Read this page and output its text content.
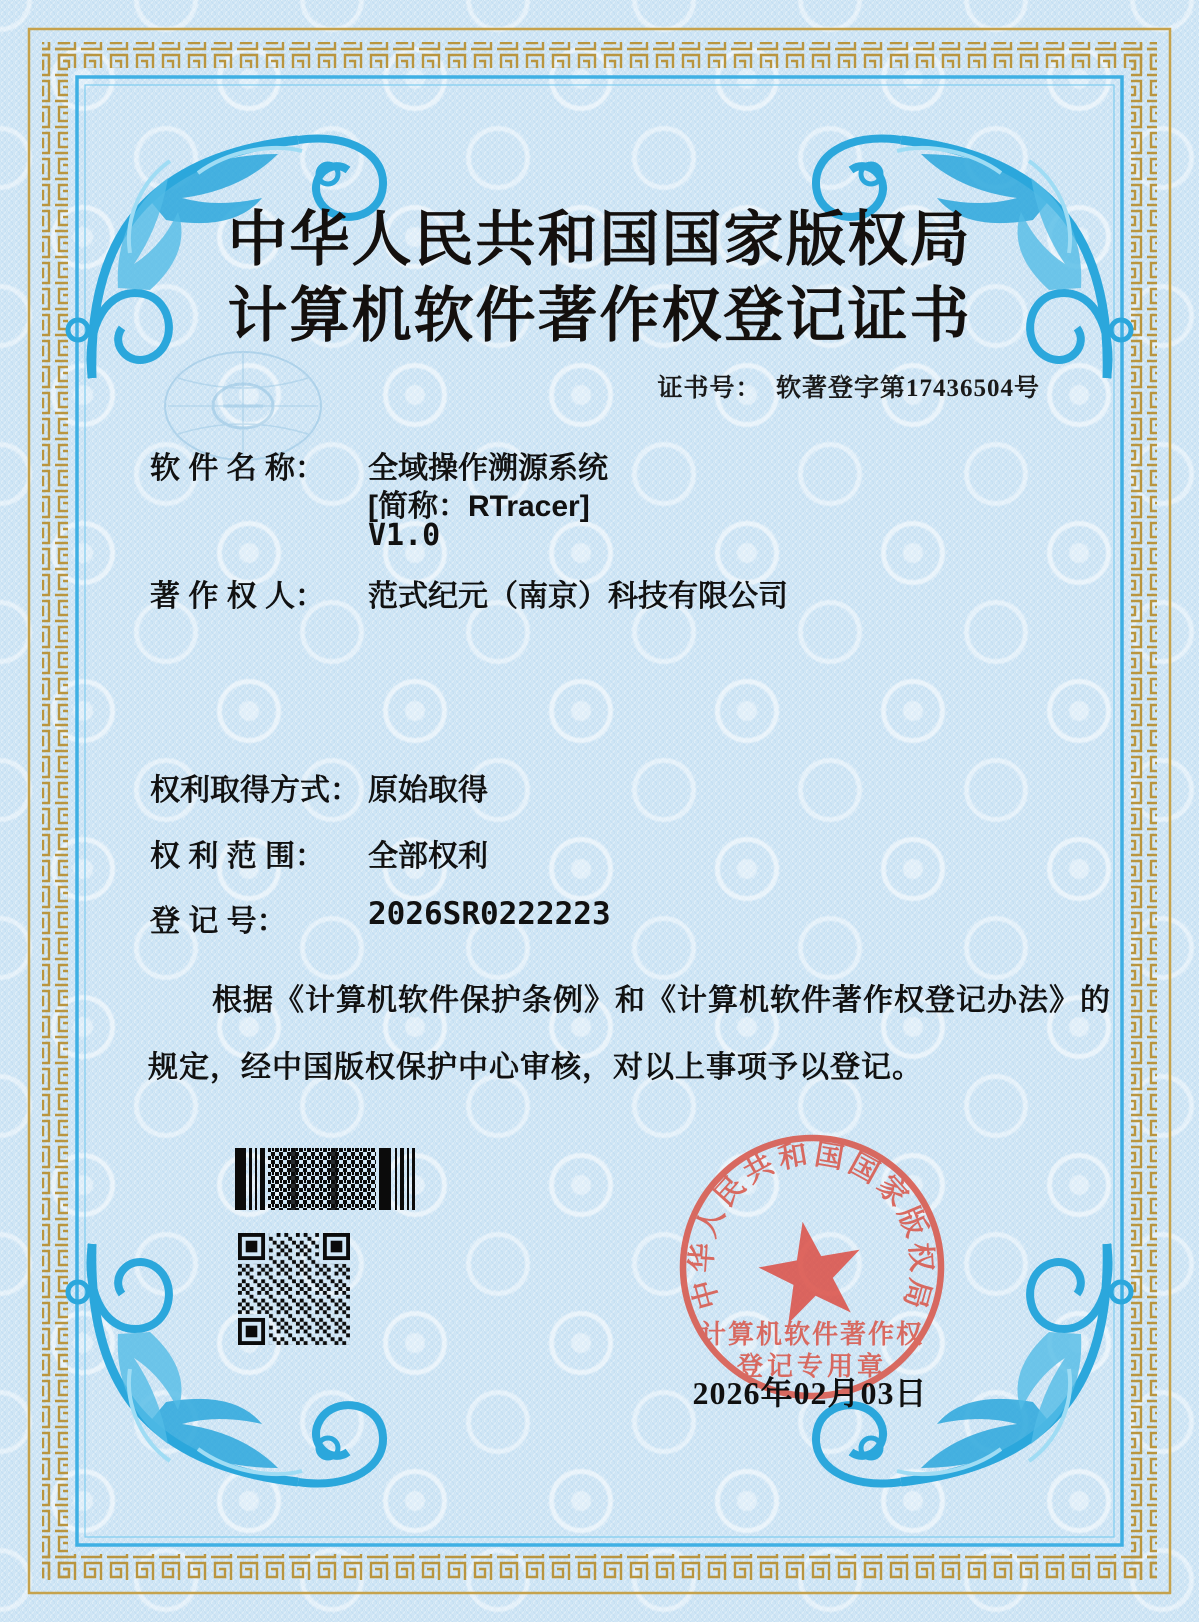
中华人民共和国国家版权局
计算机软件著作权登记证书
证书号： 软著登字第17436504号
软 件 名 称：	全域操作溯源系统
[简称：RTracer]
V1.0
著 作 权 人：	范式纪元（南京）科技有限公司
权利取得方式： 原始取得
权 利 范 围：	全部权利
登 记 号：	2026SR0222223
根据《计算机软件保护条例》和《计算机软件著作权登记办法》的
规定，经中国版权保护中心审核，对以上事项予以登记。
中华人民共和国国家版权局
计算机软件著作权
登记专用章
2026年02月03日
